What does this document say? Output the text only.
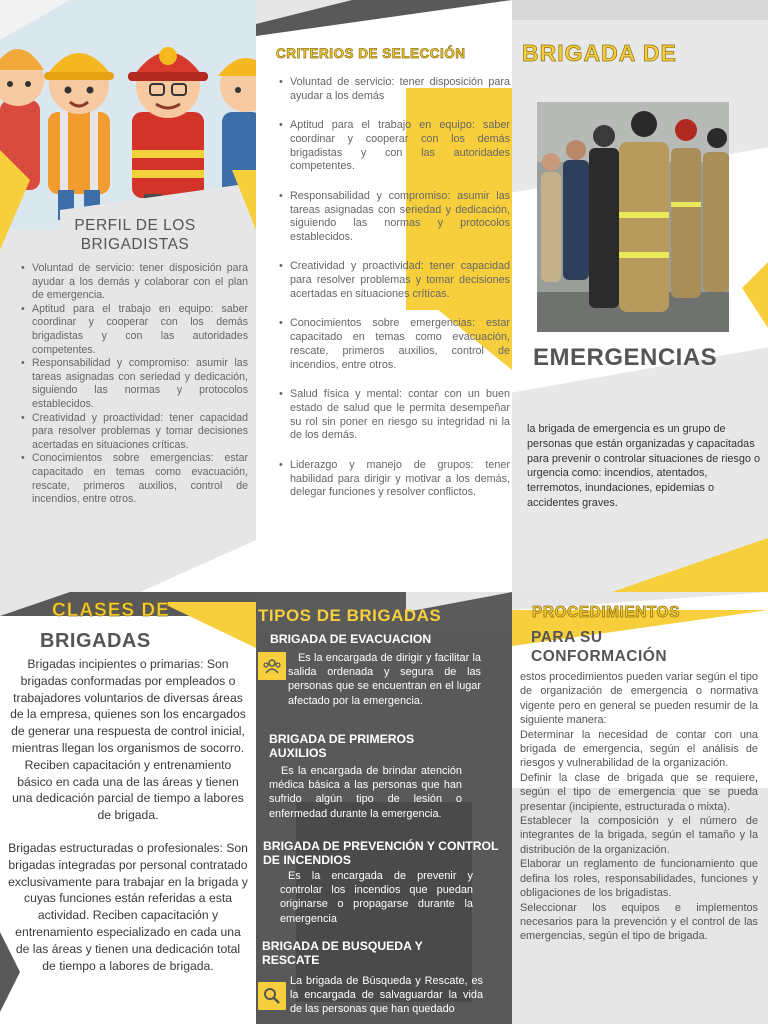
PERFIL DE LOS BRIGADISTAS
• Voluntad de servicio: tener disposición para ayudar a los demás y colaborar con el plan de emergencia.
• Aptitud para el trabajo en equipo: saber coordinar y cooperar con los demás brigadistas y con las autoridades competentes.
• Responsabilidad y compromiso: asumir las tareas asignadas con seriedad y dedicación, siguiendo las normas y protocolos establecidos.
• Creatividad y proactividad: tener capacidad para resolver problemas y tomar decisiones acertadas en situaciones críticas.
• Conocimientos sobre emergencias: estar capacitado en temas como evacuación, rescate, primeros auxilios, control de incendios, entre otros.
CRITERIOS DE SELECCIÓN
• Voluntad de servicio: tener disposición para ayudar a los demás
• Aptitud para el trabajo en equipo: saber coordinar y cooperar con los demás brigadistas y con las autoridades competentes.
• Responsabilidad y compromiso: asumir las tareas asignadas con seriedad y dedicación, siguiendo las normas y protocolos establecidos.
• Creatividad y proactividad: tener capacidad para resolver problemas y tomar decisiones acertadas en situaciones críticas.
• Conocimientos sobre emergencias: estar capacitado en temas como evacuación, rescate, primeros auxilios, control de incendios, entre otros.
• Salud física y mental: contar con un buen estado de salud que le permita desempeñar su rol sin poner en riesgo su integridad ni la de los demás.
• Liderazgo y manejo de grupos: tener habilidad para dirigir y motivar a los demás, delegar funciones y resolver conflictos.
BRIGADA DE
EMERGENCIAS
la brigada de emergencia es un grupo de personas que están organizadas y capacitadas para prevenir o controlar situaciones de riesgo o urgencia como: incendios, atentados, terremotos, inundaciones, epidemias o accidentes graves.
CLASES DE
BRIGADAS

Brigadas incipientes o primarias: Son brigadas conformadas por empleados o trabajadores voluntarios de diversas áreas de la empresa, quienes son los encargados de generar una respuesta de control inicial, mientras llegan los organismos de socorro. Reciben capacitación y entrenamiento básico en cada una de las áreas y tienen una dedicación parcial de tiempo a labores de brigada.

Brigadas estructuradas o profesionales: Son brigadas integradas por personal contratado exclusivamente para trabajar en la brigada y cuyas funciones están referidas a esta actividad. Reciben capacitación y entrenamiento especializado en cada una de las áreas y tienen una dedicación total de tiempo a labores de brigada.

TIPOS DE BRIGADAS
BRIGADA DE EVACUACION
Es la encargada de dirigir y facilitar la salida ordenada y segura de las personas que se encuentran en el lugar afectado por la emergencia.
BRIGADA DE PRIMEROS AUXILIOS
Es la encargada de brindar atención médica básica a las personas que han sufrido algún tipo de lesión o enfermedad durante la emergencia.
BRIGADA DE PREVENCIÓN Y CONTROL DE INCENDIOS
Es la encargada de prevenir y controlar los incendios que puedan originarse o propagarse durante la emergencia
BRIGADA DE BUSQUEDA Y RESCATE
La brigada de Búsqueda y Rescate, es la encargada de salvaguardar la vida de las personas que han quedado
PROCEDIMIENTOS
PARA SU CONFORMACIÓN

estos procedimientos pueden variar según el tipo de organización de emergencia o normativa vigente pero en general se pueden resumir de la siguiente manera:

Determinar la necesidad de contar con una brigada de emergencia, según el análisis de riesgos y vulnerabilidad de la organización.

Definir la clase de brigada que se requiere, según el tipo de emergencia que se pueda presentar (incipiente, estructurada o mixta).

Establecer la composición y el número de integrantes de la brigada, según el tamaño y la distribución de la organización.

Elaborar un reglamento de funcionamiento que defina los roles, responsabilidades, funciones y obligaciones de los brigadistas.

Seleccionar los equipos e implementos necesarios para la prevención y el control de las emergencias, según el tipo de brigada.
